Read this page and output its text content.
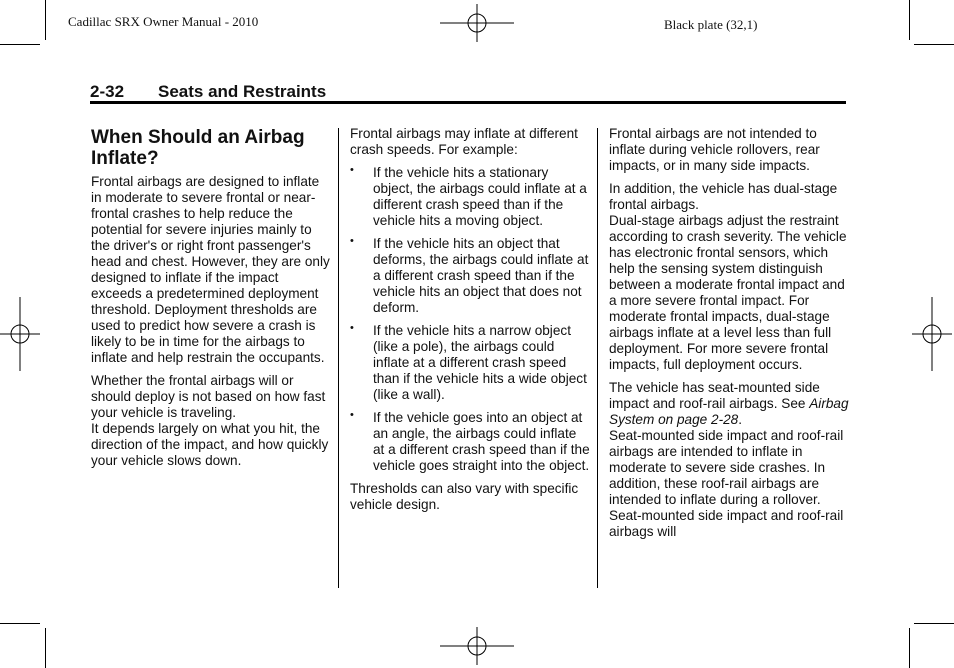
Cadillac SRX Owner Manual - 2010	Black plate (32,1)
2-32 Seats and Restraints
When Should an Airbag Inflate?

Frontal airbags are designed to inflate in moderate to severe frontal or near-frontal crashes to help reduce the potential for severe injuries mainly to the driver's or right front passenger's head and chest. However, they are only designed to inflate if the impact exceeds a predetermined deployment threshold. Deployment thresholds are used to predict how severe a crash is likely to be in time for the airbags to inflate and help restrain the occupants.

Whether the frontal airbags will or should deploy is not based on how fast your vehicle is traveling.

It depends largely on what you hit, the direction of the impact, and how quickly your vehicle slows down.

Frontal airbags may inflate at different crash speeds. For example:

• If the vehicle hits a stationary object, the airbags could inflate at a different crash speed than if the vehicle hits a moving object.
• If the vehicle hits an object that deforms, the airbags could inflate at a different crash speed than if the vehicle hits an object that does not deform.
• If the vehicle hits a narrow object (like a pole), the airbags could inflate at a different crash speed than if the vehicle hits a wide object (like a wall).
• If the vehicle goes into an object at an angle, the airbags could inflate at a different crash speed than if the vehicle goes straight into the object.

Thresholds can also vary with specific vehicle design.

Frontal airbags are not intended to inflate during vehicle rollovers, rear impacts, or in many side impacts.

In addition, the vehicle has dual-stage frontal airbags.

Dual-stage airbags adjust the restraint according to crash severity. The vehicle has electronic frontal sensors, which help the sensing system distinguish between a moderate frontal impact and a more severe frontal impact. For moderate frontal impacts, dual-stage airbags inflate at a level less than full deployment. For more severe frontal impacts, full deployment occurs.

The vehicle has seat-mounted side impact and roof-rail airbags. See Airbag System on page 2-28.

Seat-mounted side impact and roof-rail airbags are intended to inflate in moderate to severe side crashes. In addition, these roof-rail airbags are intended to inflate during a rollover. Seat-mounted side impact and roof-rail airbags will
